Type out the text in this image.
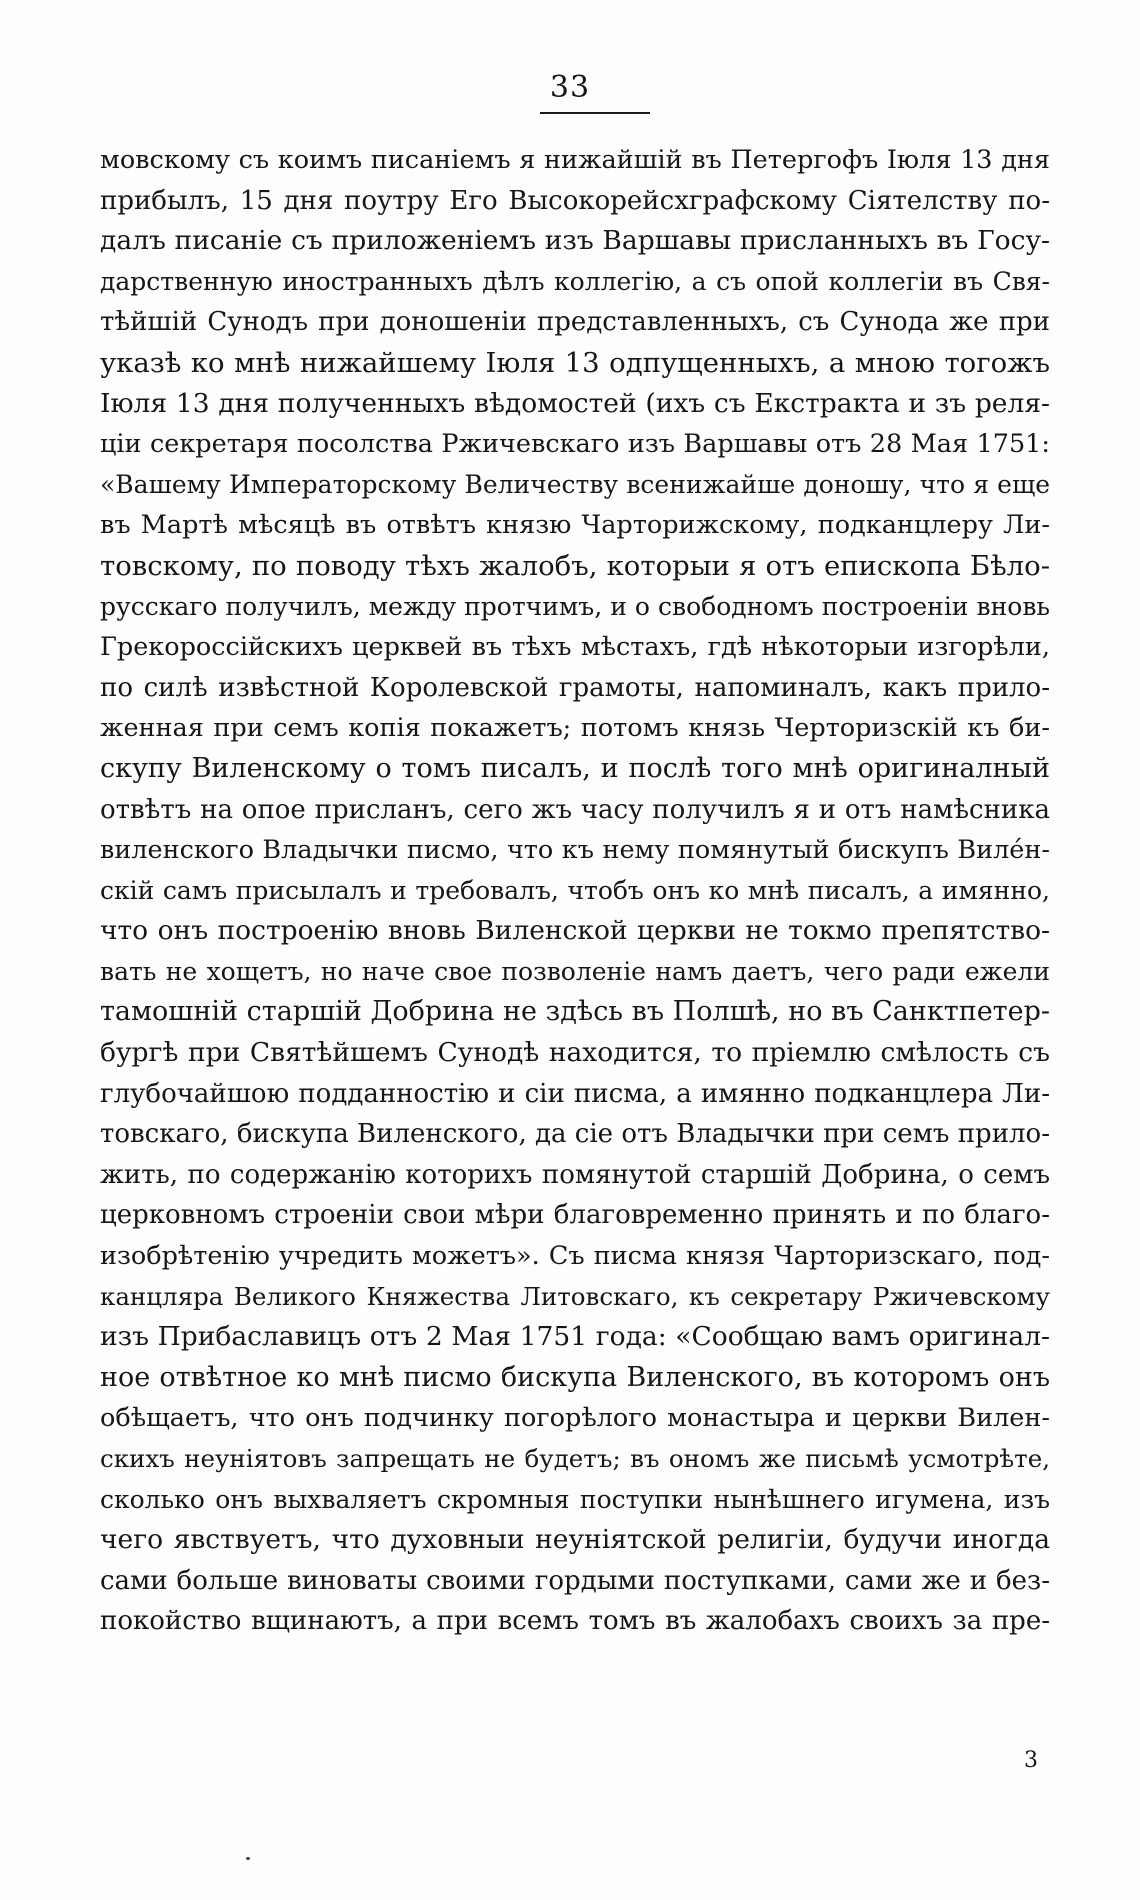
33
мовскому съ коимъ писаніемъ я нижайшій въ Петергофъ Іюля 13 дня
прибылъ, 15 дня поутру Его Высокорейсхграфскому Сіятелству по-
далъ писаніе съ приложеніемъ изъ Варшавы присланныхъ въ Госу-
дарственную иностранныхъ дѣлъ коллегію, а съ опой коллегіи въ Свя-
тѣйшій Сунодъ при доношеніи представленныхъ, съ Сунода же при
указѣ ко мнѣ нижайшему Іюля 13 одпущенныхъ, а мною тогожъ
Іюля 13 дня полученныхъ вѣдомостей (ихъ съ Екстракта и зъ реля-
ціи секретаря посолства Ржичевскаго изъ Варшавы отъ 28 Мая 1751:
«Вашему Императорскому Величеству всенижайше доношу, что я еще
въ Мартѣ мѣсяцѣ въ отвѣтъ князю Чарторижскому, подканцлеру Ли-
товскому, по поводу тѣхъ жалобъ, которыи я отъ епископа Бѣло-
русскаго получилъ, между протчимъ, и о свободномъ построеніи вновь
Грекороссійскихъ церквей въ тѣхъ мѣстахъ, гдѣ нѣкоторыи изгорѣли,
по силѣ извѣстной Королевской грамоты, напоминалъ, какъ прило-
женная при семъ копія покажетъ; потомъ князь Черторизскій къ би-
скупу Виленскому о томъ писалъ, и послѣ того мнѣ оригиналный
отвѣтъ на опое присланъ, сего жъ часу получилъ я и отъ намѣсника
виленского Владычки писмо, что къ нему помянутый бискупъ Виле́н-
скій самъ присылалъ и требовалъ, чтобъ онъ ко мнѣ писалъ, а имянно,
что онъ построенію вновь Виленской церкви не токмо препятство-
вать не хощетъ, но наче свое позволеніе намъ даетъ, чего ради ежели
тамошній старшій Добрина не здѣсь въ Полшѣ, но въ Санктпетер-
бургѣ при Святѣйшемъ Сунодѣ находится, то пріемлю смѣлость съ
глубочайшою подданностію и сіи писма, а имянно подканцлера Ли-
товскаго, бискупа Виленского, да сіе отъ Владычки при семъ прило-
жить, по содержанію которихъ помянутой старшій Добрина, о семъ
церковномъ строеніи свои мѣри благовременно принять и по благо-
изобрѣтенію учредить можетъ». Съ писма князя Чарторизскаго, под-
канцляра Великого Княжества Литовскаго, къ секретару Ржичевскому
изъ Прибаславицъ отъ 2 Мая 1751 года: «Сообщаю вамъ оригинал-
ное отвѣтное ко мнѣ писмо бискупа Виленского, въ которомъ онъ
обѣщаетъ, что онъ подчинку погорѣлого монастыра и церкви Вилен-
скихъ неуніятовъ запрещать не будетъ; въ ономъ же письмѣ усмотрѣте,
сколько онъ выхваляетъ скромныя поступки нынѣшнего игумена, изъ
чего явствуетъ, что духовныи неуніятской религіи, будучи иногда
сами больше виноваты своими гордыми поступками, сами же и без-
покойство вщинаютъ, а при всемъ томъ въ жалобахъ своихъ за пре-
3
